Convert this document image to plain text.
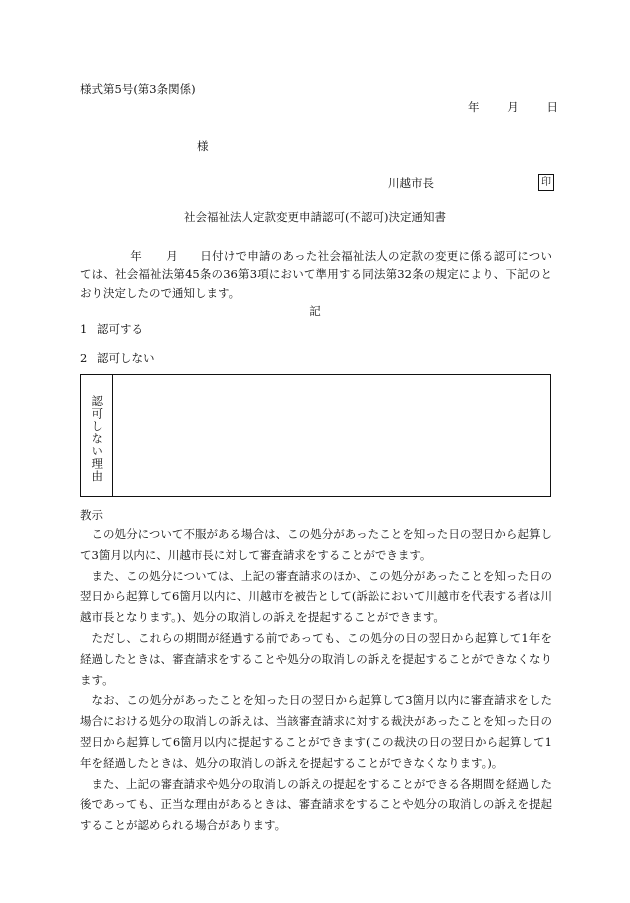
様式第5号(第3条関係)

年 月 日

様

川越市長	印

社会福祉法人定款変更申請認可(不認可)決定通知書

年 月 日付けで申請のあった社会福祉法人の定款の変更に係る認可については、社会福祉法第45条の36第3項において準用する同法第32条の規定により、下記のとおり決定したので通知します。

記

1 認可する

2 認可しない

認可しない理由

教示

この処分について不服がある場合は、この処分があったことを知った日の翌日から起算して3箇月以内に、川越市長に対して審査請求をすることができます。

また、この処分については、上記の審査請求のほか、この処分があったことを知った日の翌日から起算して6箇月以内に、川越市を被告として(訴訟において川越市を代表する者は川越市長となります。)、処分の取消しの訴えを提起することができます。

ただし、これらの期間が経過する前であっても、この処分の日の翌日から起算して1年を経過したときは、審査請求をすることや処分の取消しの訴えを提起することができなくなります。

なお、この処分があったことを知った日の翌日から起算して3箇月以内に審査請求をした場合における処分の取消しの訴えは、当該審査請求に対する裁決があったことを知った日の翌日から起算して6箇月以内に提起することができます(この裁決の日の翌日から起算して1年を経過したときは、処分の取消しの訴えを提起することができなくなります。)。

また、上記の審査請求や処分の取消しの訴えの提起をすることができる各期間を経過した後であっても、正当な理由があるときは、審査請求をすることや処分の取消しの訴えを提起することが認められる場合があります。
